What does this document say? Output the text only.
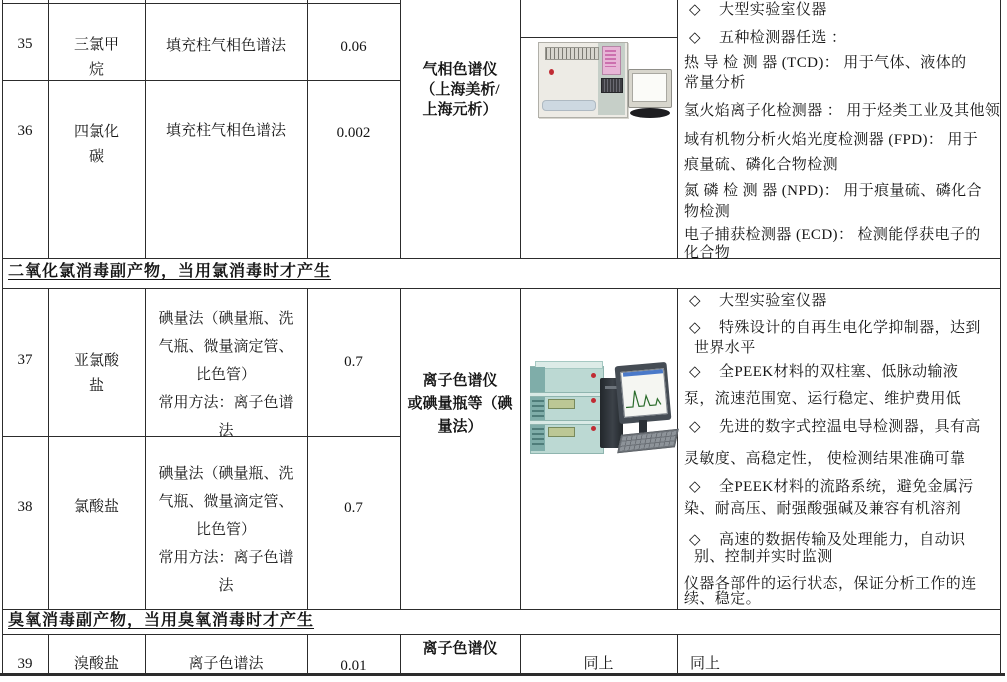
35	三氯甲
烷
填充柱气相色谱法	0.06
36	四氯化
碳
填充柱气相色谱法	0.002
气相色谱仪
（上海美析/
上海元析）
◇ 大型实验室仪器
◇ 五种检测器任选 ：
热 导 检 测 器 (TCD)： 用于气体、液体的
常量分析
氢火焰离子化检测器 ： 用于烃类工业及其他领
域有机物分析火焰光度检测器 (FPD)： 用于
痕量硫、磷化合物检测
氮 磷 检 测 器 (NPD)： 用于痕量硫、磷化合
物检测
电子捕获检测器 (ECD)： 检测能俘获电子的
化合物
二氧化氯消毒副产物，当用氯消毒时才产生
37	亚氯酸
盐
碘量法（碘量瓶、洗
气瓶、微量滴定管、
比色管）
常用方法：离子色谱
法
0.7
38	氯酸盐
碘量法（碘量瓶、洗
气瓶、微量滴定管、
比色管）
常用方法：离子色谱
法
0.7
离子色谱仪
或碘量瓶等（碘
量法）
◇ 大型实验室仪器
◇ 特殊设计的自再生电化学抑制器，达到
世界水平
◇ 全PEEK材料的双柱塞、低脉动输液
泵，流速范围宽、运行稳定、维护费用低
◇ 先进的数字式控温电导检测器，具有高
灵敏度、高稳定性， 使检测结果准确可靠
◇ 全PEEK材料的流路系统，避免金属污
染、耐高压、耐强酸强碱及兼容有机溶剂
◇ 高速的数据传输及处理能力，自动识
别、控制并实时监测
仪器各部件的运行状态，保证分析工作的连
续、稳定。
臭氧消毒副产物，当用臭氧消毒时才产生
39	溴酸盐	离子色谱法	0.01
离子色谱仪
同上	同上
